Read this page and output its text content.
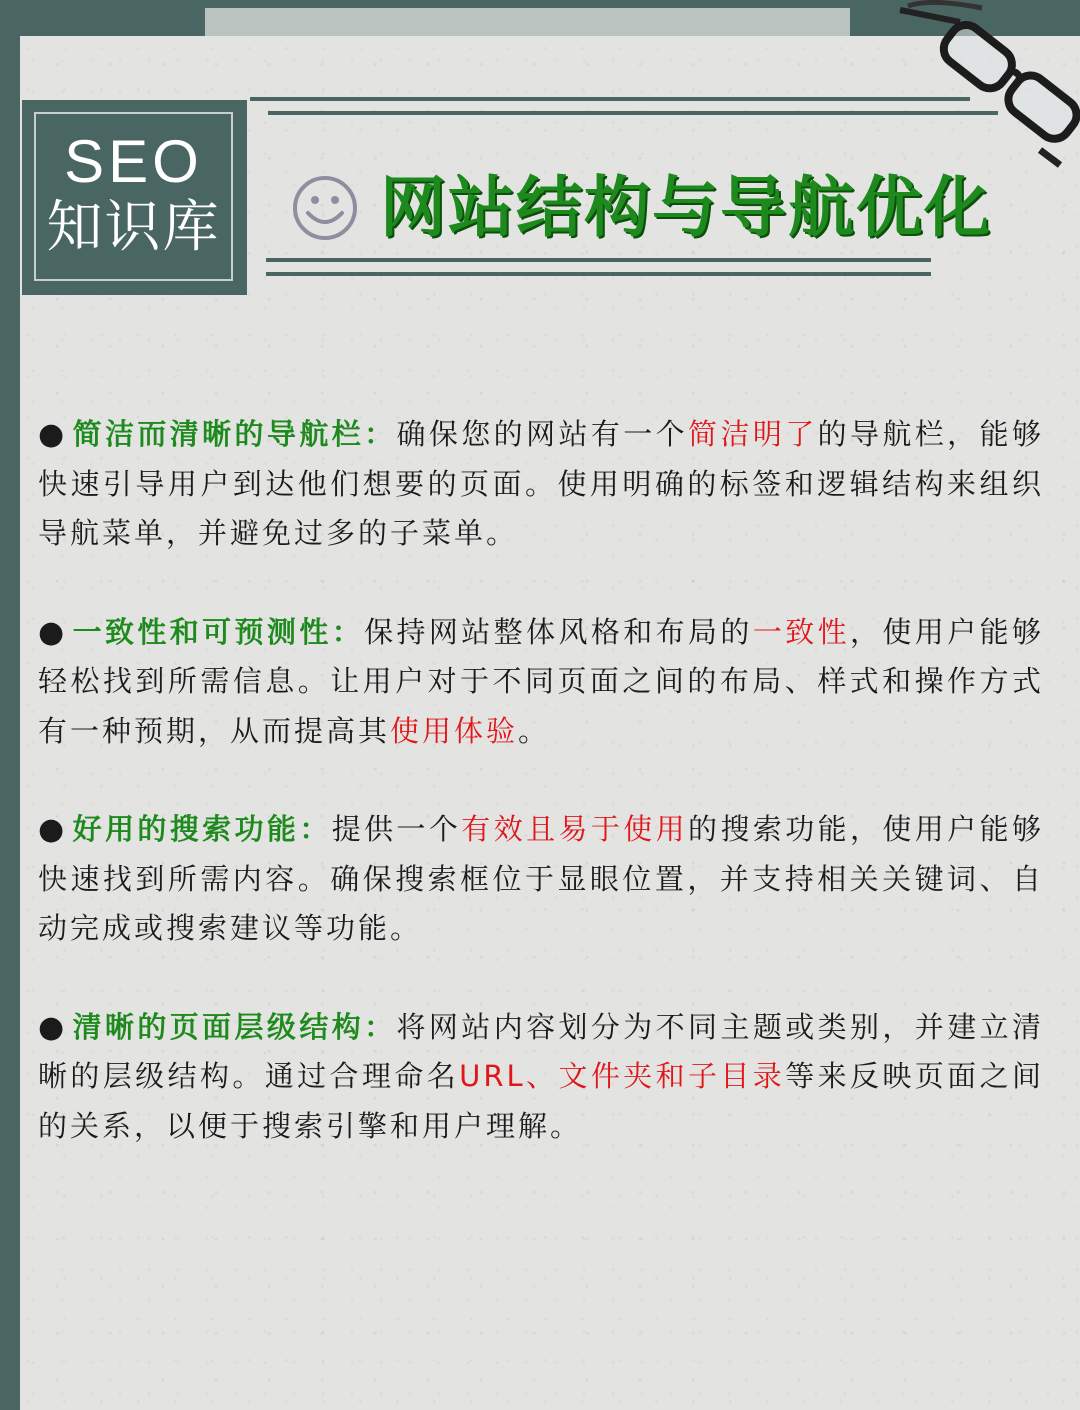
SEO
知识库 网站结构与导航优化

●简洁而清晰的导航栏：确保您的网站有一个简洁明了的导航栏，能够快速引导用户到达他们想要的页面。使用明确的标签和逻辑结构来组织导航菜单，并避免过多的子菜单。

●一致性和可预测性：保持网站整体风格和布局的一致性，使用户能够轻松找到所需信息。让用户对于不同页面之间的布局、样式和操作方式有一种预期，从而提高其使用体验。

●好用的搜索功能：提供一个有效且易于使用的搜索功能，使用户能够快速找到所需内容。确保搜索框位于显眼位置，并支持相关关键词、自动完成或搜索建议等功能。

●清晰的页面层级结构：将网站内容划分为不同主题或类别，并建立清晰的层级结构。通过合理命名URL、文件夹和子目录等来反映页面之间的关系，以便于搜索引擎和用户理解。
